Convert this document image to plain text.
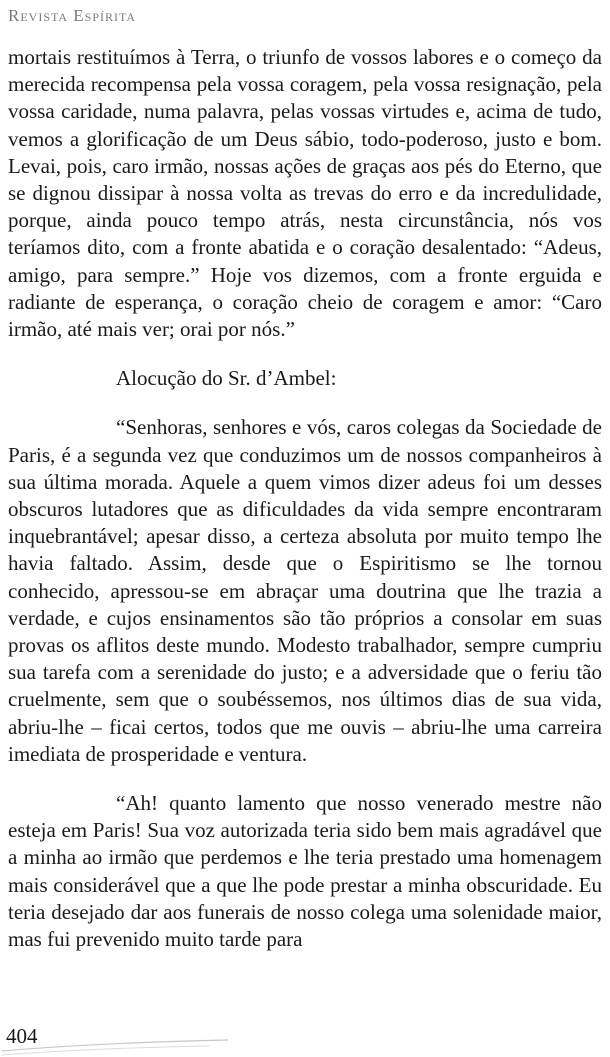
Revista Espírita

mortais restituímos à Terra, o triunfo de vossos labores e o começo da merecida recompensa pela vossa coragem, pela vossa resignação, pela vossa caridade, numa palavra, pelas vossas virtudes e, acima de tudo, vemos a glorificação de um Deus sábio, todo-poderoso, justo e bom. Levai, pois, caro irmão, nossas ações de graças aos pés do Eterno, que se dignou dissipar à nossa volta as trevas do erro e da incredulidade, porque, ainda pouco tempo atrás, nesta circunstância, nós vos teríamos dito, com a fronte abatida e o coração desalentado: “Adeus, amigo, para sempre.” Hoje vos dizemos, com a fronte erguida e radiante de esperança, o coração cheio de coragem e amor: “Caro irmão, até mais ver; orai por nós.”

Alocução do Sr. d’Ambel:

“Senhoras, senhores e vós, caros colegas da Sociedade de Paris, é a segunda vez que conduzimos um de nossos companheiros à sua última morada. Aquele a quem vimos dizer adeus foi um desses obscuros lutadores que as dificuldades da vida sempre encontraram inquebrantável; apesar disso, a certeza absoluta por muito tempo lhe havia faltado. Assim, desde que o Espiritismo se lhe tornou conhecido, apressou-se em abraçar uma doutrina que lhe trazia a verdade, e cujos ensinamentos são tão próprios a consolar em suas provas os aflitos deste mundo. Modesto trabalhador, sempre cumpriu sua tarefa com a serenidade do justo; e a adversidade que o feriu tão cruelmente, sem que o soubéssemos, nos últimos dias de sua vida, abriu-lhe – ficai certos, todos que me ouvis – abriu-lhe uma carreira imediata de prosperidade e ventura.

“Ah! quanto lamento que nosso venerado mestre não esteja em Paris! Sua voz autorizada teria sido bem mais agradável que a minha ao irmão que perdemos e lhe teria prestado uma homenagem mais considerável que a que lhe pode prestar a minha obscuridade. Eu teria desejado dar aos funerais de nosso colega uma solenidade maior, mas fui prevenido muito tarde para

404
